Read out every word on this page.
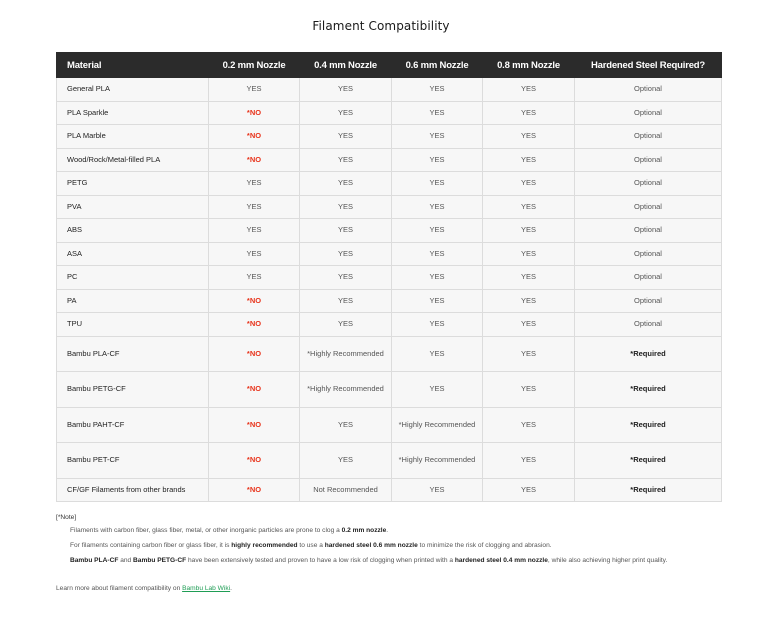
Filament Compatibility
Material	0.2 mm Nozzle	0.4 mm Nozzle	0.6 mm Nozzle	0.8 mm Nozzle	Hardened Steel Required?
General PLA	YES	YES	YES	YES	Optional
PLA Sparkle	*NO	YES	YES	YES	Optional
PLA Marble	*NO	YES	YES	YES	Optional
Wood/Rock/Metal-filled PLA	*NO	YES	YES	YES	Optional
PETG	YES	YES	YES	YES	Optional
PVA	YES	YES	YES	YES	Optional
ABS	YES	YES	YES	YES	Optional
ASA	YES	YES	YES	YES	Optional
PC	YES	YES	YES	YES	Optional
PA	*NO	YES	YES	YES	Optional
TPU	*NO	YES	YES	YES	Optional
Bambu PLA-CF	*NO	*Highly Recommended	YES	YES	*Required
Bambu PETG-CF	*NO	*Highly Recommended	YES	YES	*Required
Bambu PAHT-CF	*NO	YES	*Highly Recommended	YES	*Required
Bambu PET-CF	*NO	YES	*Highly Recommended	YES	*Required
CF/GF Filaments from other brands	*NO	Not Recommended	YES	YES	*Required
[*Note]
Filaments with carbon fiber, glass fiber, metal, or other inorganic particles are prone to clog a 0.2 mm nozzle.
For filaments containing carbon fiber or glass fiber, it is highly recommended to use a hardened steel 0.6 mm nozzle to minimize the risk of clogging and abrasion.
Bambu PLA-CF and Bambu PETG-CF have been extensively tested and proven to have a low risk of clogging when printed with a hardened steel 0.4 mm nozzle, while also achieving higher print quality.
Learn more about filament compatibility on Bambu Lab Wiki.
